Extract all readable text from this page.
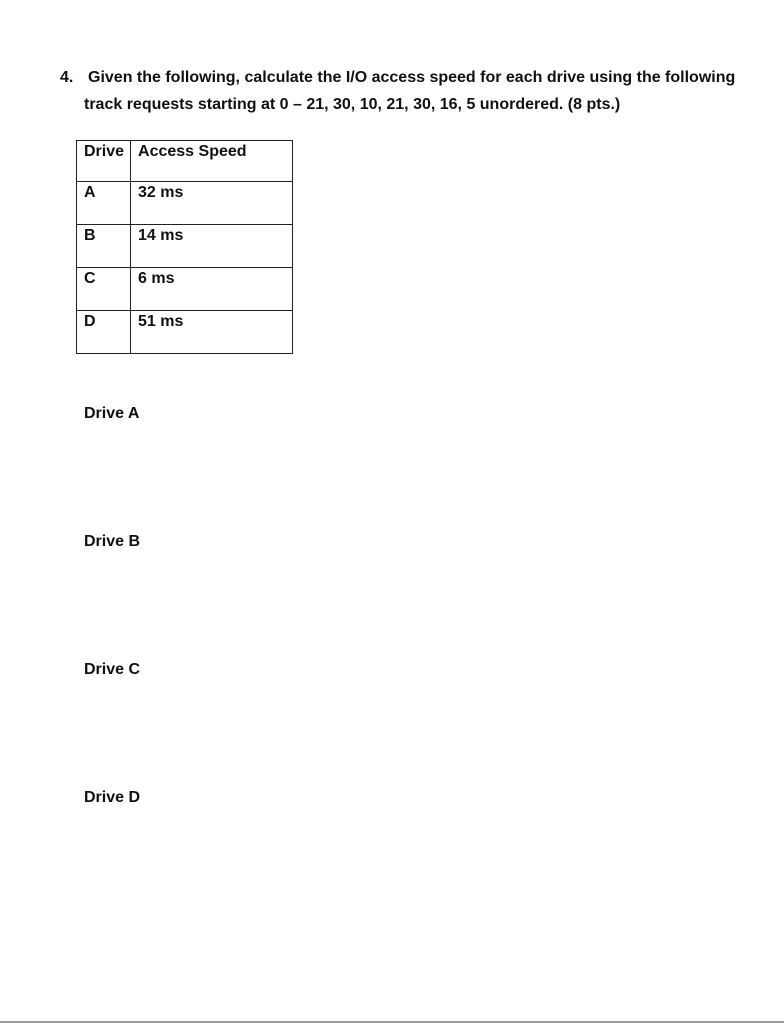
4. Given the following, calculate the I/O access speed for each drive using the following
track requests starting at 0 – 21, 30, 10, 21, 30, 16, 5 unordered. (8 pts.)
Drive	Access Speed
A	32 ms
B	14 ms
C	6 ms
D	51 ms
Drive A
Drive B
Drive C
Drive D
